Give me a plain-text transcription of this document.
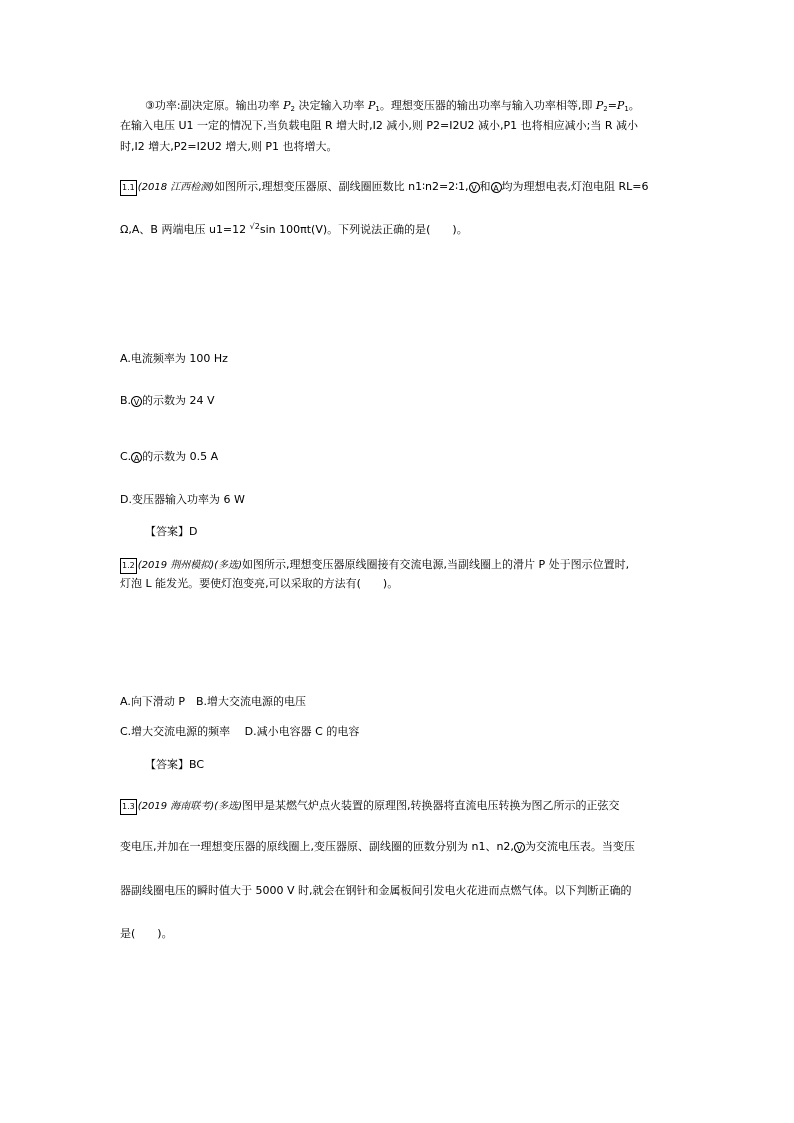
③功率:副决定原。输出功率 $P_2$ 决定输入功率 $P_1$。理想变压器的输出功率与输入功率相等,即 $P_2=P_1$。
在输入电压 U1 一定的情况下,当负载电阻 R 增大时,I2 减小,则 P2=I2U2 减小,P1 也将相应减小;当 R 减小
时,I2 增大,P2=I2U2 增大,则 P1 也将增大。
1.1 (2018 江西检测)如图所示,理想变压器原、副线圈匝数比 n1∶n2=2∶1, V 和 A 均为理想电表,灯泡电阻 RL=6
Ω,A、B 两端电压 u1=12 $^{√2}$sin 100πt(V)。下列说法正确的是(　　)。
A.电流频率为 100 Hz
B. V 的示数为 24 V
C. A 的示数为 0.5 A
D.变压器输入功率为 6 W
【答案】D
1.2 (2019 荆州模拟)(多选)如图所示,理想变压器原线圈接有交流电源,当副线圈上的滑片 P 处于图示位置时,
灯泡 L 能发光。要使灯泡变亮,可以采取的方法有(　　)。
A.向下滑动 P　B.增大交流电源的电压
C.增大交流电源的频率　 D.减小电容器 C 的电容
【答案】BC
1.3 (2019 海南联考)(多选)图甲是某燃气炉点火装置的原理图,转换器将直流电压转换为图乙所示的正弦交
变电压,并加在一理想变压器的原线圈上,变压器原、副线圈的匝数分别为 n1、n2, V 为交流电压表。当变压
器副线圈电压的瞬时值大于 5000 V 时,就会在钢针和金属板间引发电火花进而点燃气体。以下判断正确的
是(　　)。
